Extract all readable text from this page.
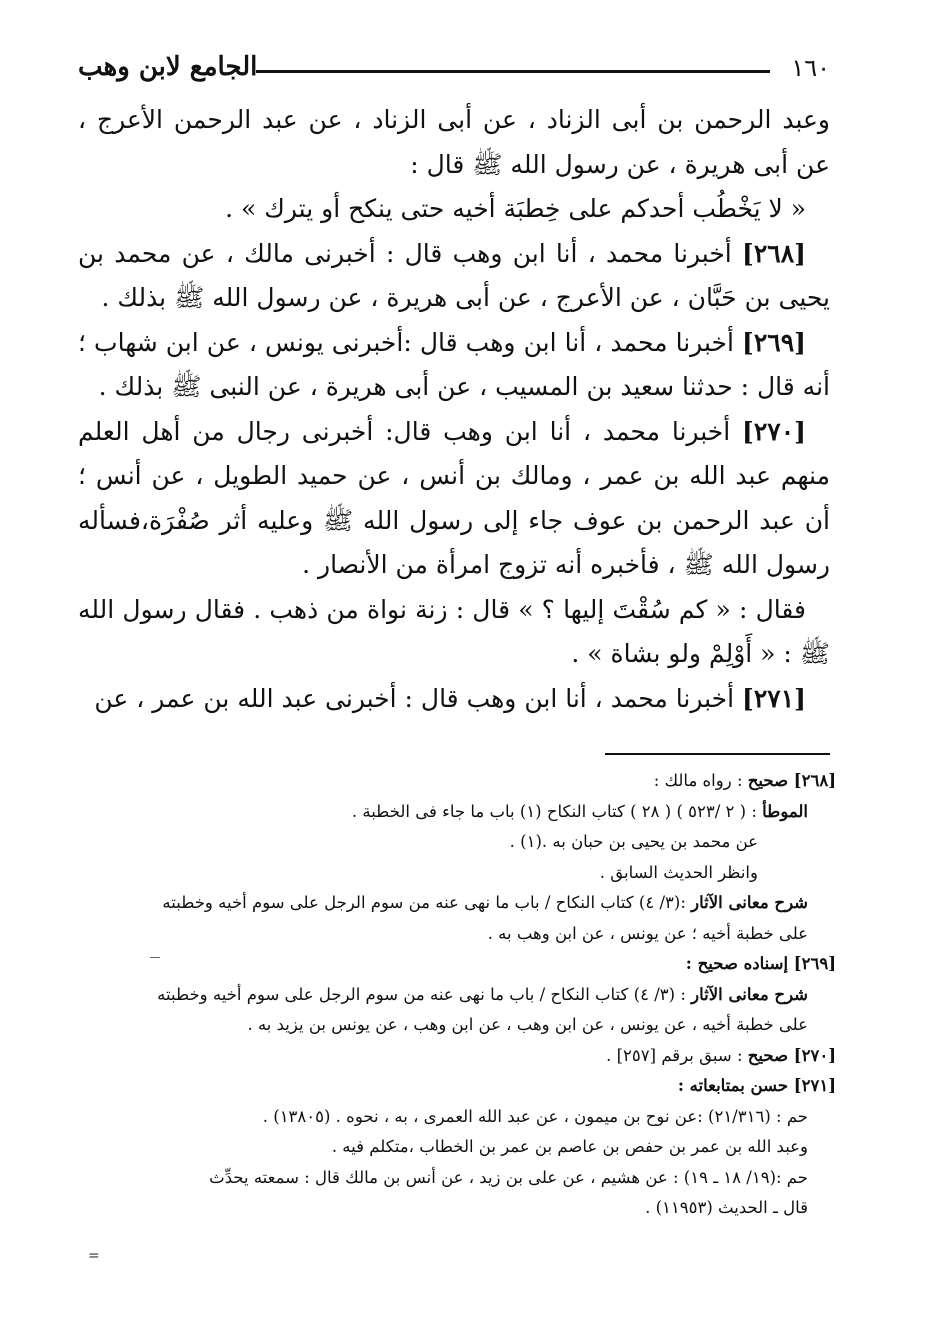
١٦٠
الجامع لابن وهب

وعبد الرحمن بن أبى الزناد ، عن أبى الزناد ، عن عبد الرحمن الأعرج ، عن أبى هريرة ، عن رسول الله ﷺ قال :

« لا يَخْطُب أحدكم على خِطبَة أخيه حتى ينكح أو يترك » .

[٢٦٨] أخبرنا محمد ، أنا ابن وهب قال : أخبرنى مالك ، عن محمد بن يحيى بن حَبَّان ، عن الأعرج ، عن أبى هريرة ، عن رسول الله ﷺ بذلك .

[٢٦٩] أخبرنا محمد ، أنا ابن وهب قال :أخبرنى يونس ، عن ابن شهاب ؛ أنه قال : حدثنا سعيد بن المسيب ، عن أبى هريرة ، عن النبى ﷺ بذلك .

[٢٧٠] أخبرنا محمد ، أنا ابن وهب قال: أخبرنى رجال من أهل العلم منهم عبد الله بن عمر ، ومالك بن أنس ، عن حميد الطويل ، عن أنس ؛ أن عبد الرحمن بن عوف جاء إلى رسول الله ﷺ وعليه أثر صُفْرَة،فسأله رسول الله ﷺ ، فأخبره أنه تزوج امرأة من الأنصار .

فقال : « كم سُقْتَ إليها ؟ » قال : زنة نواة من ذهب . فقال رسول الله ﷺ : « أَوْلِمْ ولو بشاة » .

[٢٧١] أخبرنا محمد ، أنا ابن وهب قال : أخبرنى عبد الله بن عمر ، عن

[٢٦٨] صحيح : رواه مالك :

الموطأ : ( ٢ /٥٢٣ ) ( ٢٨ ) كتاب النكاح (١) باب ما جاء فى الخطبة .

عن محمد بن يحيى بن حبان به .(١) .

وانظر الحديث السابق .

شرح معانى الآثار :(٣/ ٤) كتاب النكاح / باب ما نهى عنه من سوم الرجل على سوم أخيه وخطبته

على خطبة أخيه ؛ عن يونس ، عن ابن وهب به .

[٢٦٩] إسناده صحيح :

شرح معانى الآثار : (٣/ ٤) كتاب النكاح / باب ما نهى عنه من سوم الرجل على سوم أخيه وخطبته

على خطبة أخيه ، عن يونس ، عن ابن وهب ، عن ابن وهب ، عن يونس بن يزيد به .

[٢٧٠] صحيح : سبق برقم [٢٥٧] .

[٢٧١] حسن بمتابعاته :

حم : (٢١/٣١٦) :عن نوح بن ميمون ، عن عبد الله العمرى ، به ، نحوه . (١٣٨٠٥) .

وعبد الله بن عمر بن حفص بن عاصم بن عمر بن الخطاب ،متكلم فيه .

حم :(١٩/ ١٨ ـ ١٩) : عن هشيم ، عن على بن زيد ، عن أنس بن مالك قال : سمعته يحدِّث

قال ـ الحديث (١١٩٥٣) .

=
